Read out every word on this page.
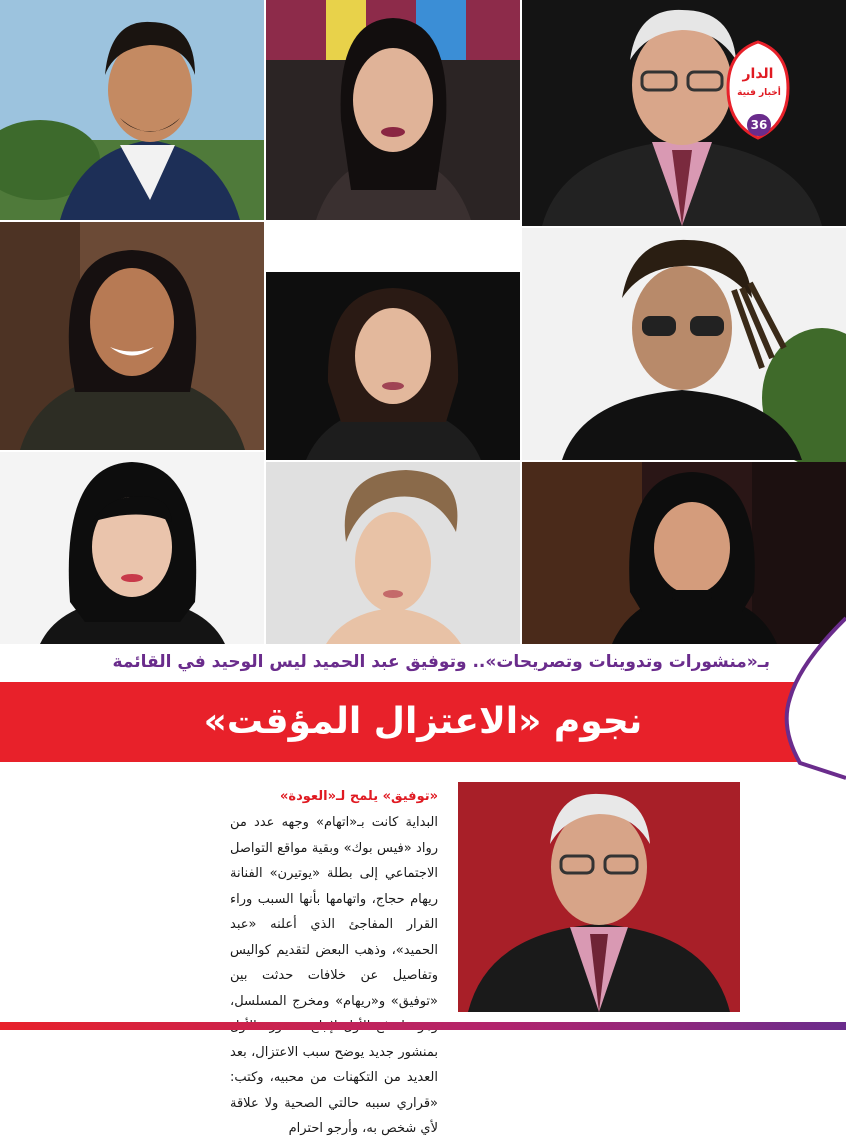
الدار
أخبار فنية
36
بـ«منشورات وتدوينات وتصريحات».. وتوفيق عبد الحميد ليس الوحيد في القائمة
نجوم «الاعتزال المؤقت»
«توفيق» يلمح لـ«العودة»
البداية كانت بـ«اتهام» وجهه عدد من رواد «فيس بوك» وبقية مواقع التواصل الاجتماعي إلى بطلة «يوتيرن» الفنانة ريهام حجاج، واتهامها بأنها السبب وراء القرار المفاجئ الذي أعلنه «عبد الحميد»، وذهب البعض لتقديم كواليس وتفاصيل عن خلافات حدثت بين «توفيق» و«ريهام» ومخرج المسلسل، بمنشور جديد يوضح سبب الاعتزال، بعد العديد من التكهنات من محبيه، وكتب: «قراري سببه حالتي الصحية ولا علاقة لأي شخص به، وأرجو احترام
